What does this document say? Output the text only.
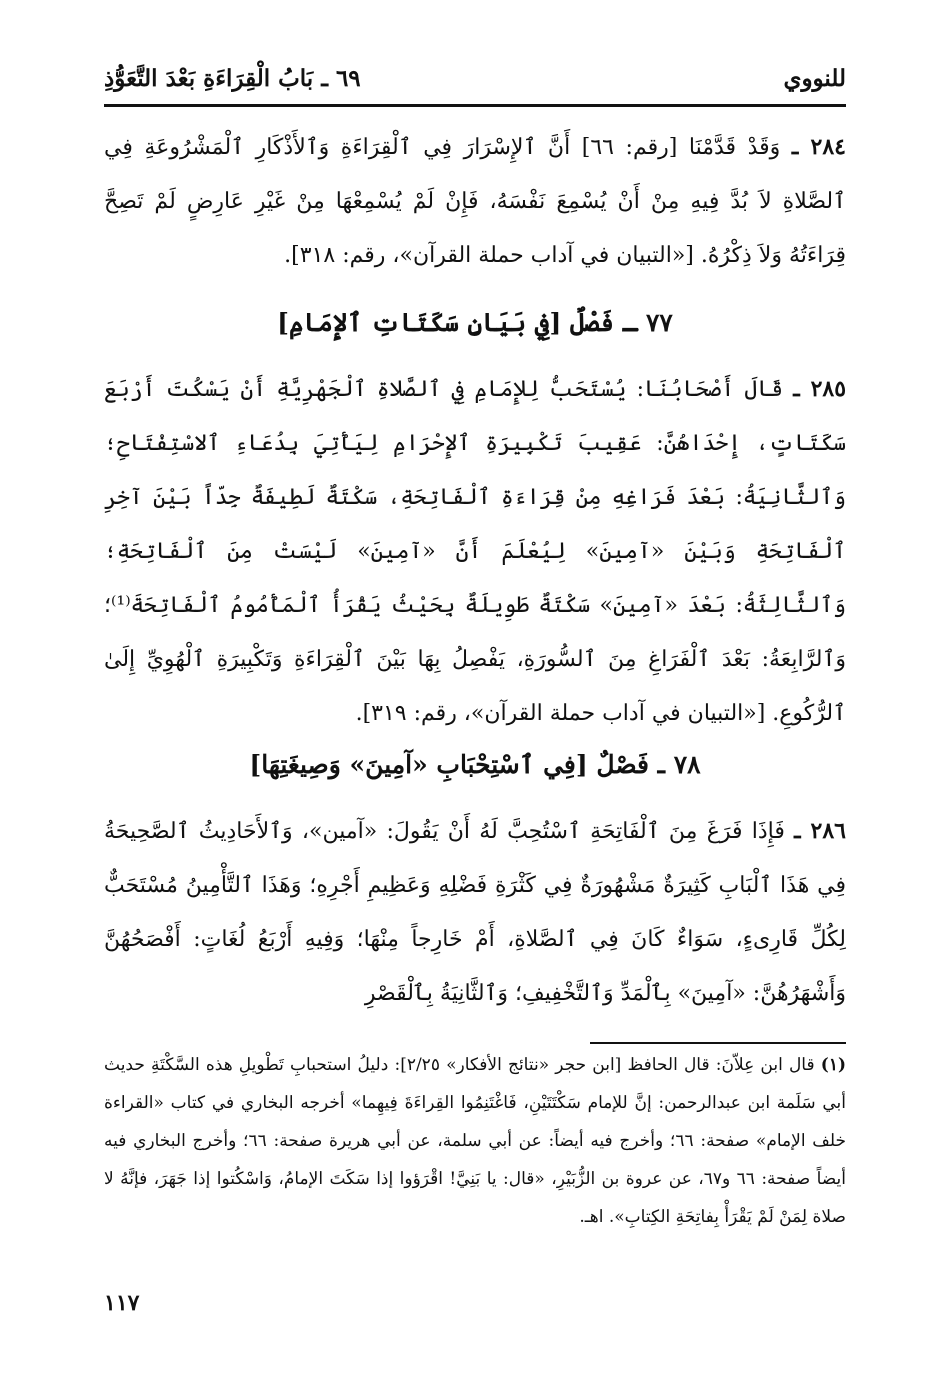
للنووي
٦٩ ـ بَابُ الْقِرَاءَةِ بَعْدَ التَّعَوُّذِ
٢٨٤ ـ وَقَدْ قَدَّمْنَا [رقم: ٦٦] أَنَّ ٱلإِسْرَارَ فِي ٱلْقِرَاءَةِ وَٱلأَذْكَارِ ٱلْمَشْرُوعَةِ فِي ٱلصَّلاةِ لاَ بُدَّ فِيهِ مِنْ أَنْ يُسْمِعَ نَفْسَهُ، فَإِنْ لَمْ يُسْمِعْهَا مِنْ غَيْرِ عَارِضٍ لَمْ تَصِحَّ قِرَاءَتُهُ وَلاَ ذِكْرُهُ. [«التبيان في آداب حملة القرآن»، رقم: ٣١٨].
٧٧ ـ فَصْلٌ [فِي بَيَانِ سَكَتَاتِ ٱلإِمَامِ]
٢٨٥ ـ قَالَ أَصْحَابُنَا: يُسْتَحَبُّ لِلإِمَامِ فِي ٱلصَّلاةِ ٱلْجَهْرِيَّةِ أَنْ يَسْكُتَ أَرْبَعَ سَكَتَاتٍ، إِحْدَاهُنَّ: عَقِيبَ تَكْبِيرَةِ ٱلإِحْرَامِ لِيَأْتِيَ بِدُعَاءِ ٱلاسْتِفْتَاحِ؛ وَٱلثَّانِيَةُ: بَعْدَ فَرَاغِهِ مِنْ قِرَاءَةِ ٱلْفَاتِحَةِ، سَكْتَةٌ لَطِيفَةٌ جِدّاً بَيْنَ آخِرِ ٱلْفَاتِحَةِ وَبَيْنَ «آمِينَ» لِيُعْلَمَ أَنَّ «آمِينَ» لَيْسَتْ مِنَ ٱلْفَاتِحَةِ؛ وَٱلثَّالِثَةُ: بَعْدَ «آمِينَ» سَكْتَةٌ طَوِيلَةٌ بِحَيْثُ يَقْرَأُ ٱلْمَأْمُومُ ٱلْفَاتِحَةَ⁽¹⁾؛ وَٱلرَّابِعَةُ: بَعْدَ ٱلْفَرَاغِ مِنَ ٱلسُّورَةِ، يَفْصِلُ بِهَا بَيْنَ ٱلْقِرَاءَةِ وَتَكْبِيرَةِ ٱلْهُوِيِّ إِلَىٰ ٱلرُّكُوعِ. [«التبيان في آداب حملة القرآن»، رقم: ٣١٩].
٧٨ ـ فَصْلٌ [فِي ٱسْتِحْبَابِ «آمِينَ» وَصِيغَتِهَا]
٢٨٦ ـ فَإِذَا فَرَغَ مِنَ ٱلْفَاتِحَةِ ٱسْتُحِبَّ لَهُ أَنْ يَقُولَ: «آمين»، وَٱلأَحَادِيثُ ٱلصَّحِيحَةُ فِي هَذَا ٱلْبَابِ كَثِيرَةٌ مَشْهُورَةٌ فِي كَثْرَةِ فَضْلِهِ وَعَظِيمِ أَجْرِهِ؛ وَهَذَا ٱلتَّأْمِينُ مُسْتَحَبٌّ لِكُلِّ قَارِىءٍ، سَوَاءٌ كَانَ فِي ٱلصَّلاةِ، أَمْ خَارِجاً مِنْهَا؛ وَفِيهِ أَرْبَعُ لُغَاتٍ: أَفْصَحُهُنَّ وَأَشْهَرُهُنَّ: «آمِينَ» بِٱلْمَدِّ وَٱلتَّخْفِيفِ؛ وَٱلثَّانِيَةُ بِٱلْقَصْرِ
(١) قال ابن عِلاّنَ: قال الحافظ [ابن حجر «نتائج الأفكار» ٢/٢٥]: دليلُ استحبابِ تَطْويلِ هذه السَّكْتَةِ حديث أبي سَلَمة ابن عبدالرحمن: إنَّ للإمام سَكْتَتَيْنِ، فَاغْتَنِمُوا القِراءَةَ فِيهِما» أخرجه البخاري في كتاب «القراءة خلف الإمام» صفحة: ٦٦؛ وأخرج فيه أيضاً: عن أبي سلمة، عن أبي هريرة صفحة: ٦٦؛ وأخرج البخاري فيه أيضاً صفحة: ٦٦ و٦٧، عن عروة بن الزُّبَيْرِ، «قال: يا بَنِيَّ! اقْرَؤوا إذا سَكَتَ الإمامُ، وَاسْكُتوا إذا جَهَرَ، فإنَّهُ لا صلاة لِمَنْ لَمْ يَقْرَأْ بِفاتِحَةِ الكِتابِ». اهـ.
١١٧
